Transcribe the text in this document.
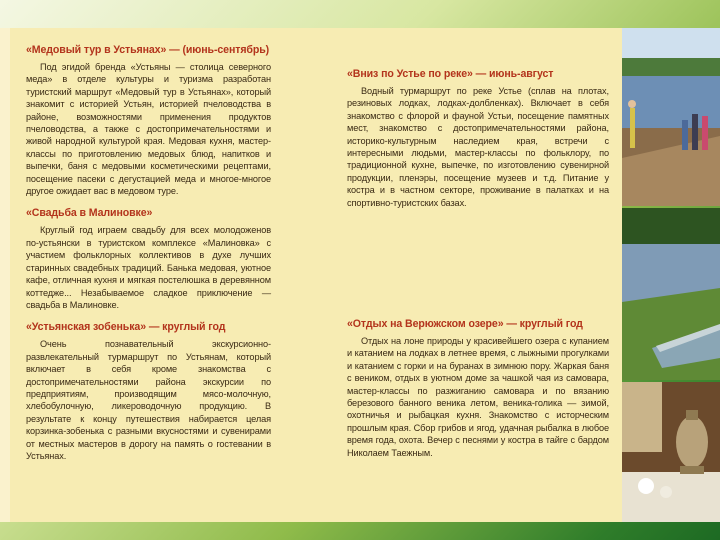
«Медовый тур в Устьянах» — (июнь-сентябрь)

Под эгидой бренда «Устьяны — столица северного меда» в отделе культуры и туризма разработан туристский маршрут «Медовый тур в Устьянах», который знакомит с историей Устьян, историей пчеловодства в районе, возможностями применения продуктов пчеловодства, а также с достопримечательностями и живой народной культурой края. Медовая кухня, мастер-классы по приготовлению медовых блюд, напитков и выпечки, баня с медовыми косметическими рецептами, посещение пасеки с дегустацией меда и многое-многое другое ожидает вас в медовом туре.

«Свадьба в Малиновке»

Круглый год играем свадьбу для всех молодоженов по-устьянски в туристском комплексе «Малиновка» с участием фольклорных коллективов в духе лучших старинных свадебных традиций. Банька медовая, уютное кафе, отличная кухня и мягкая постелюшка в деревянном коттедже... Незабываемое сладкое приключение — свадьба в Малиновке.

«Устьянская зобенька» — круглый год

Очень познавательный экскурсионно-развлекательный турмаршрут по Устьянам, который включает в себя кроме знакомства с достопримечательностями района экскурсии по предприятиям, производящим мясо-молочную, хлебобулочную, ликероводочную продукцию. В результате к концу путешествия набирается целая корзинка-зобенька с разными вкусностями и сувенирами от местных мастеров в дорогу на память о гостевании в Устьянах.

«Вниз по Устье по реке» — июнь-август

Водный турмаршрут по реке Устье (сплав на плотах, резиновых лодках, лодках-долбленках). Включает в себя знакомство с флорой и фауной Устьи, посещение памятных мест, знакомство с достопримечательностями района, историко-культурным наследием края, встречи с интересными людьми, мастер-классы по фольклору, по традиционной кухне, выпечке, по изготовлению сувенирной продукции, пленэры, посещение музеев и т.д. Питание у костра и в частном секторе, проживание в палатках и на спортивно-туристских базах.

«Отдых на Верюжском озере» — круглый год

Отдых на лоне природы у красивейшего озера с купанием и катанием на лодках в летнее время, с лыжными прогулками и катанием с горки и на буранах в зимнюю пору. Жаркая баня с веником, отдых в уютном доме за чашкой чая из самовара, мастер-классы по разжиганию самовара и по вязанию березового банного веника летом, веника-голика — зимой, охотничья и рыбацкая кухня. Знакомство с исторческим прошлым края. Сбор грибов и ягод, удачная рыбалка в любое время года, охота. Вечер с песнями у костра в тайге с бардом Николаем Таежным.
